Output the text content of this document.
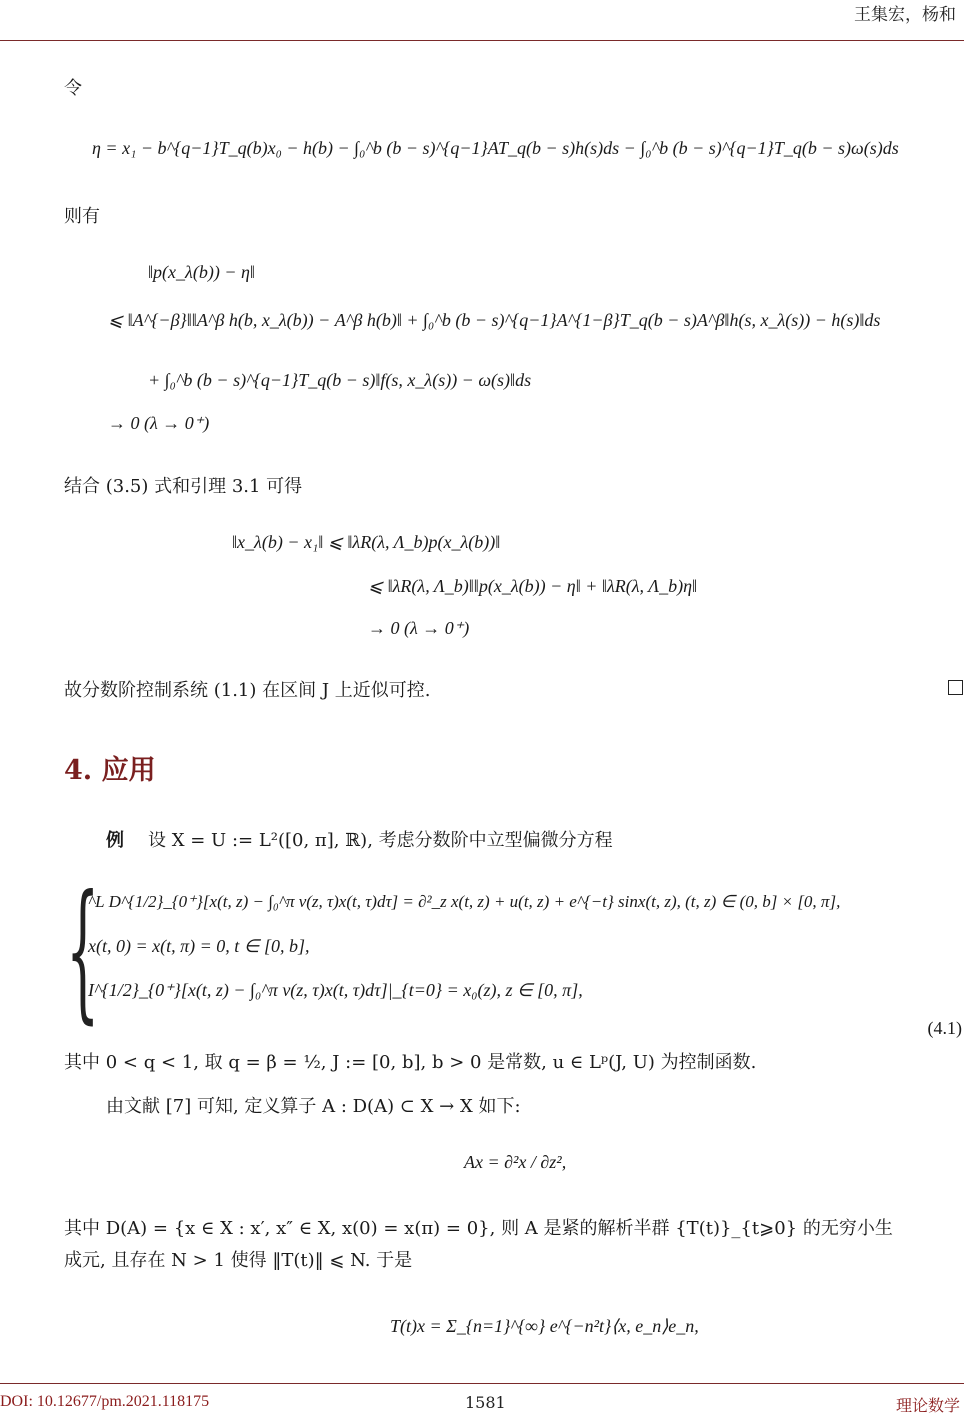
王集宏，杨和
令
η = x₁ − b^{q−1}T_q(b)x₀ − h(b) − ∫₀^b (b − s)^{q−1}AT_q(b − s)h(s)ds − ∫₀^b (b − s)^{q−1}T_q(b − s)ω(s)ds
则有
‖p(x_λ(b)) − η‖
⩽ ‖A^{−β}‖‖A^β h(b, x_λ(b)) − A^β h(b)‖ + ∫₀^b (b − s)^{q−1}A^{1−β}T_q(b − s)A^β‖h(s, x_λ(s)) − h(s)‖ds
+ ∫₀^b (b − s)^{q−1}T_q(b − s)‖f(s, x_λ(s)) − ω(s)‖ds
→ 0 (λ → 0⁺)
结合 (3.5) 式和引理 3.1 可得
‖x_λ(b) − x₁‖ ⩽ ‖λR(λ, Λ_b)p(x_λ(b))‖
⩽ ‖λR(λ, Λ_b)‖‖p(x_λ(b)) − η‖ + ‖λR(λ, Λ_b)η‖
→ 0 (λ → 0⁺)
故分数阶控制系统 (1.1) 在区间 J 上近似可控.
4. 应用
例 设 X = U := L²([0, π], ℝ), 考虑分数阶中立型偏微分方程
{
^L D^{1/2}_{0⁺}[x(t, z) − ∫₀^π ν(z, τ)x(t, τ)dτ] = ∂²_z x(t, z) + u(t, z) + e^{−t} sinx(t, z), (t, z) ∈ (0, b] × [0, π],
x(t, 0) = x(t, π) = 0, t ∈ [0, b],
I^{1/2}_{0⁺}[x(t, z) − ∫₀^π ν(z, τ)x(t, τ)dτ]|_{t=0} = x₀(z), z ∈ [0, π],
(4.1)
其中 0 < q < 1, 取 q = β = ½, J := [0, b], b > 0 是常数, u ∈ Lᵖ(J, U) 为控制函数.
由文献 [7] 可知, 定义算子 A : D(A) ⊂ X → X 如下:
Ax = ∂²x / ∂z²,
其中 D(A) = {x ∈ X : x′, x″ ∈ X, x(0) = x(π) = 0}, 则 A 是紧的解析半群 {T(t)}_{t⩾0} 的无穷小生
成元, 且存在 N > 1 使得 ‖T(t)‖ ⩽ N. 于是
T(t)x = Σ_{n=1}^{∞} e^{−n²t}⟨x, e_n⟩e_n,
DOI: 10.12677/pm.2021.118175	1581	理论数学
